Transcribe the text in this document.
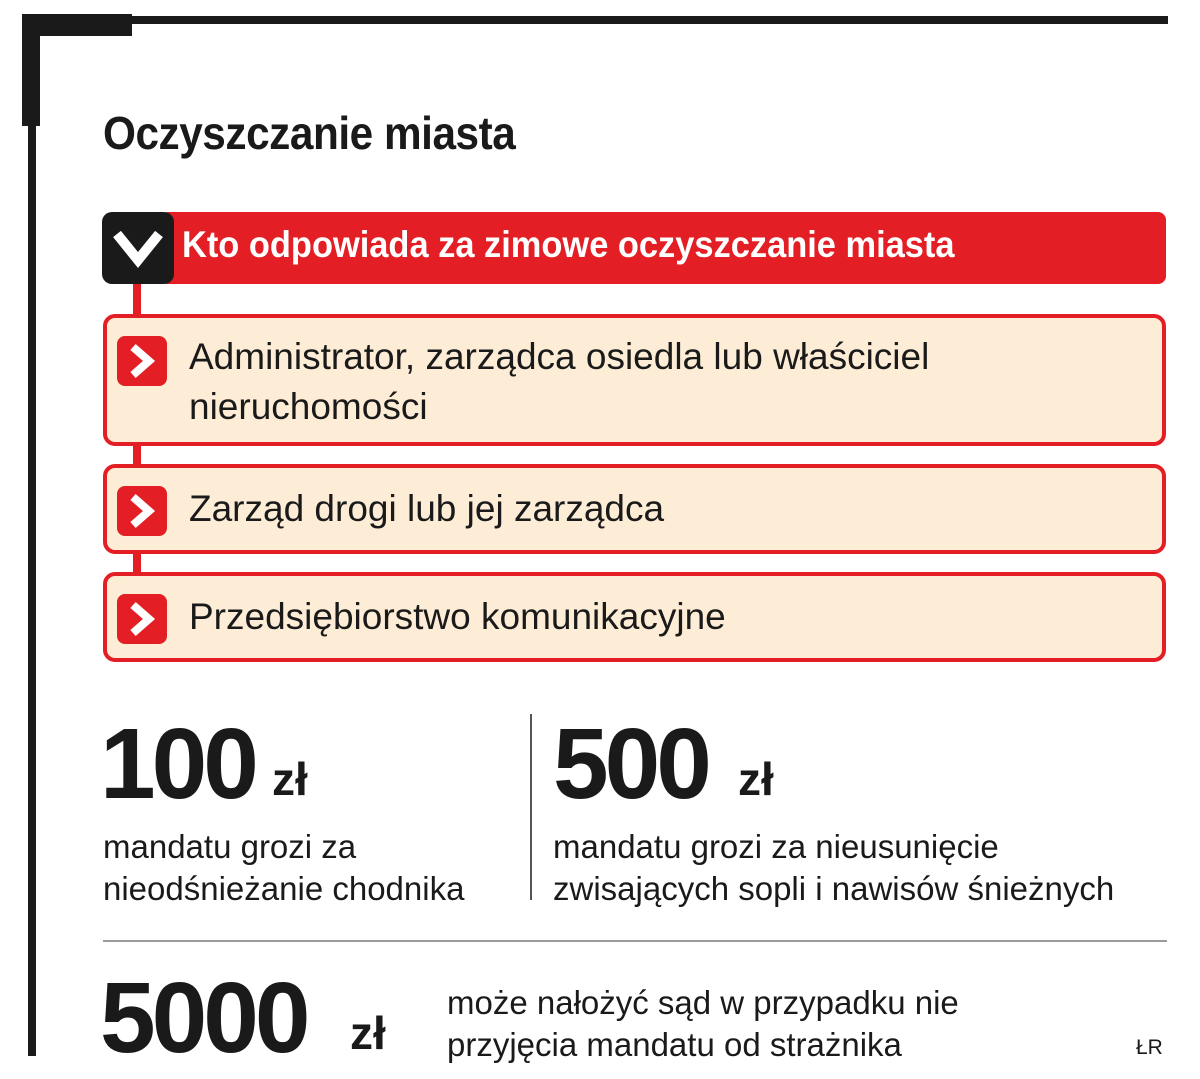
Oczyszczanie miasta
Kto odpowiada za zimowe oczyszczanie miasta
Administrator, zarządca osiedla lub właściciel nieruchomości
Zarząd drogi lub jej zarządca
Przedsiębiorstwo komunikacyjne
100 zł
mandatu grozi za nieodśnieżanie chodnika
500 zł
mandatu grozi za nieusunięcie zwisających sopli i nawisów śnieżnych
5000 zł
może nałożyć sąd w przypadku nie przyjęcia mandatu od strażnika	ŁR
